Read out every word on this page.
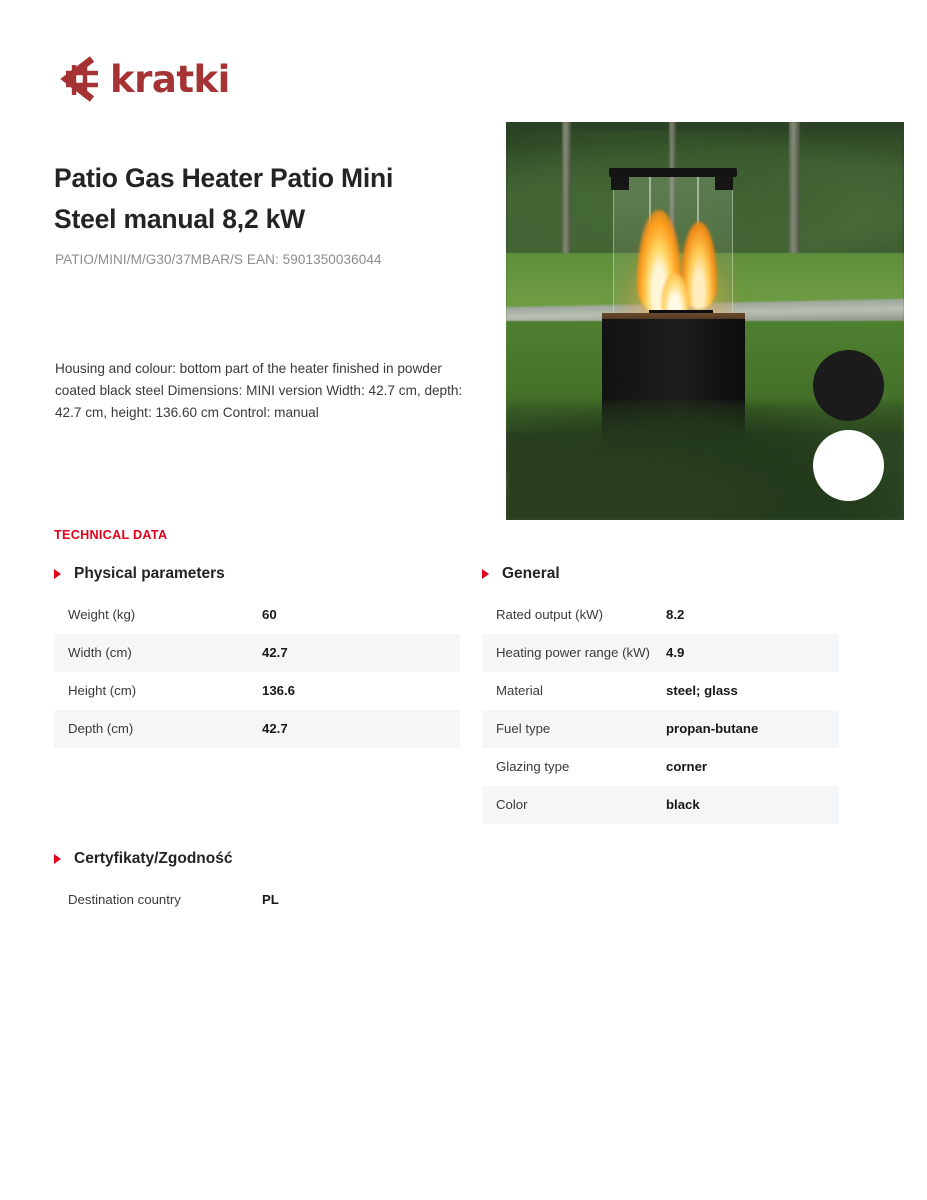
kratki
Patio Gas Heater Patio Mini Steel manual 8,2 kW
PATIO/MINI/M/G30/37MBAR/S EAN: 5901350036044
Housing and colour: bottom part of the heater finished in powder coated black steel Dimensions: MINI version Width: 42.7 cm, depth: 42.7 cm, height: 136.60 cm Control: manual
TECHNICAL DATA
Physical parameters
Weight (kg)	60
Width (cm)	42.7
Height (cm)	136.6
Depth (cm)	42.7
General
Rated output (kW)	8.2
Heating power range (kW)	4.9
Material	steel; glass
Fuel type	propan-butane
Glazing type	corner
Color	black
Certyfikaty/Zgodność
Destination country	PL
